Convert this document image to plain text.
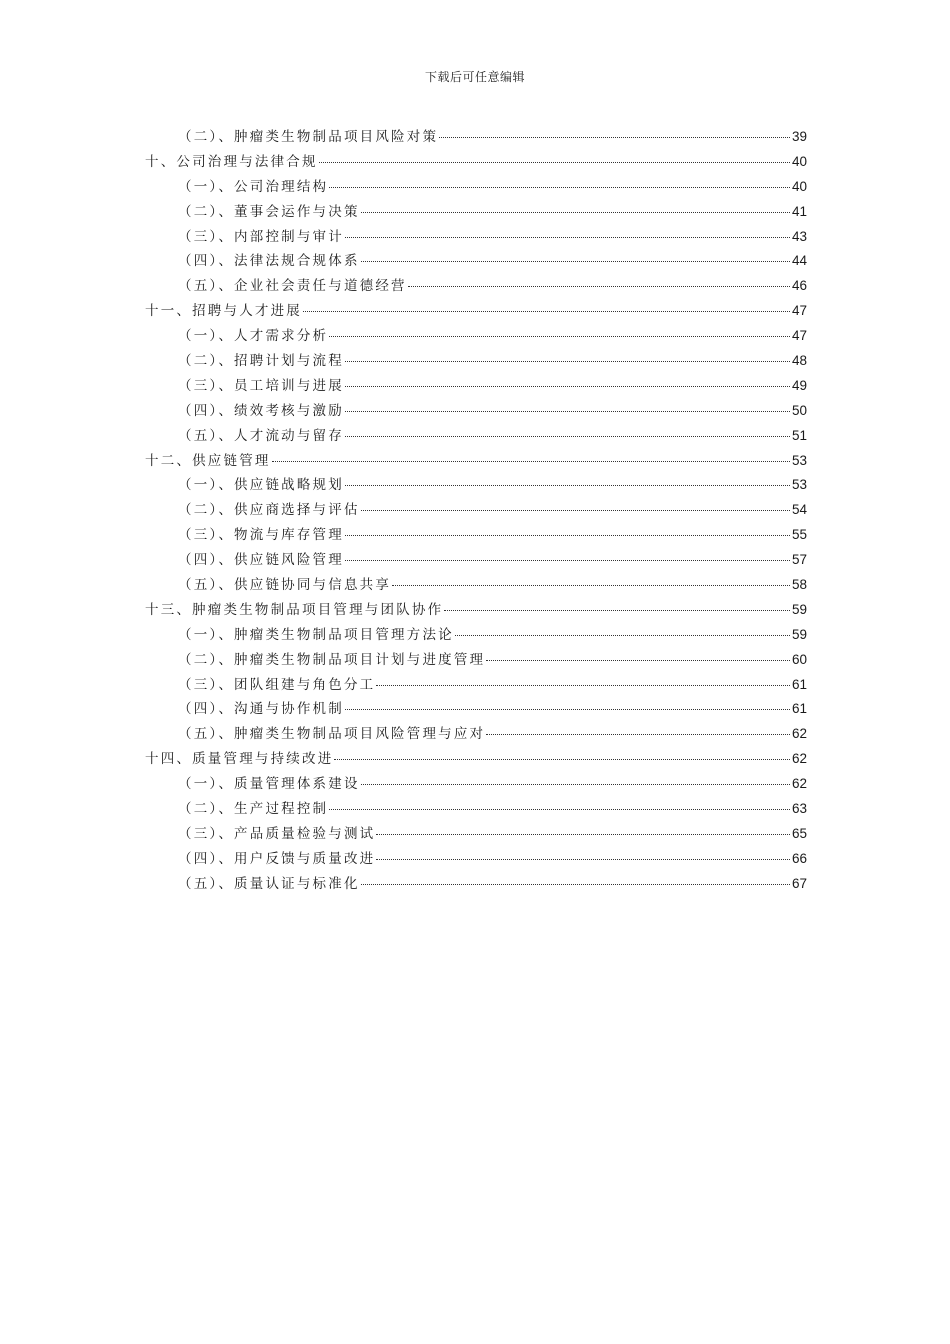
下载后可任意编辑
（二）、肿瘤类生物制品项目风险对策	39
十、公司治理与法律合规	40
（一）、公司治理结构	40
（二）、董事会运作与决策	41
（三）、内部控制与审计	43
（四）、法律法规合规体系	44
（五）、企业社会责任与道德经营	46
十一、招聘与人才进展	47
（一）、人才需求分析	47
（二）、招聘计划与流程	48
（三）、员工培训与进展	49
（四）、绩效考核与激励	50
（五）、人才流动与留存	51
十二、供应链管理	53
（一）、供应链战略规划	53
（二）、供应商选择与评估	54
（三）、物流与库存管理	55
（四）、供应链风险管理	57
（五）、供应链协同与信息共享	58
十三、肿瘤类生物制品项目管理与团队协作	59
（一）、肿瘤类生物制品项目管理方法论	59
（二）、肿瘤类生物制品项目计划与进度管理	60
（三）、团队组建与角色分工	61
（四）、沟通与协作机制	61
（五）、肿瘤类生物制品项目风险管理与应对	62
十四、质量管理与持续改进	62
（一）、质量管理体系建设	62
（二）、生产过程控制	63
（三）、产品质量检验与测试	65
（四）、用户反馈与质量改进	66
（五）、质量认证与标准化	67
